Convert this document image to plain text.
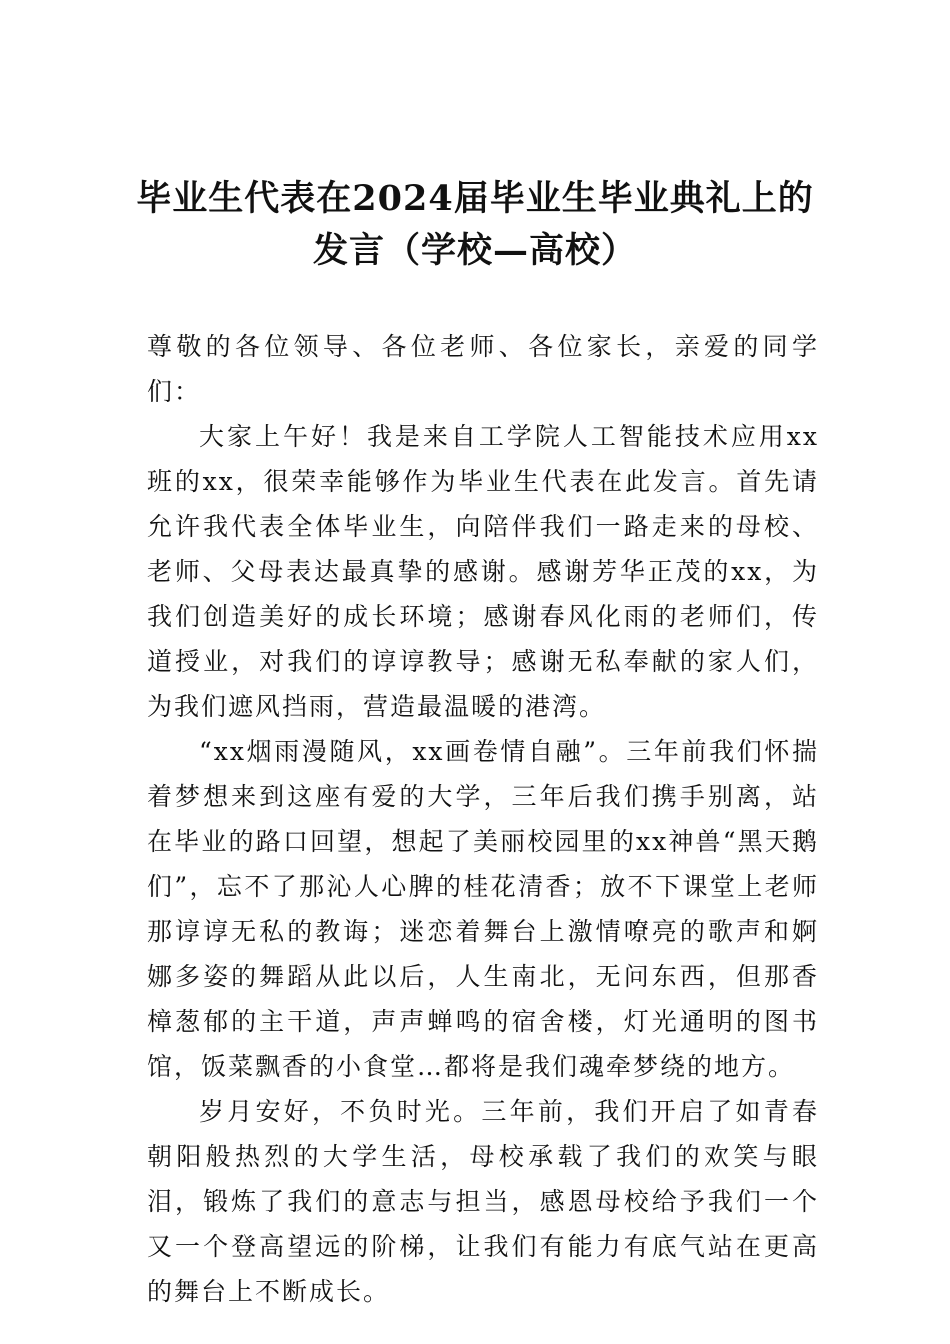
毕业生代表在2024届毕业生毕业典礼上的
发言（学校—高校）

尊敬的各位领导、各位老师、各位家长，亲爱的同学们：

大家上午好！我是来自工学院人工智能技术应用xx班的xx，很荣幸能够作为毕业生代表在此发言。首先请允许我代表全体毕业生，向陪伴我们一路走来的母校、老师、父母表达最真挚的感谢。感谢芳华正茂的xx，为我们创造美好的成长环境；感谢春风化雨的老师们，传道授业，对我们的谆谆教导；感谢无私奉献的家人们，为我们遮风挡雨，营造最温暖的港湾。

“xx烟雨漫随风，xx画卷情自融”。三年前我们怀揣着梦想来到这座有爱的大学，三年后我们携手别离，站在毕业的路口回望，想起了美丽校园里的xx神兽“黑天鹅们”，忘不了那沁人心脾的桂花清香；放不下课堂上老师那谆谆无私的教诲；迷恋着舞台上激情嘹亮的歌声和婀娜多姿的舞蹈从此以后，人生南北，无问东西，但那香樟葱郁的主干道，声声蝉鸣的宿舍楼，灯光通明的图书馆，饭菜飘香的小食堂…都将是我们魂牵梦绕的地方。

岁月安好，不负时光。三年前，我们开启了如青春朝阳般热烈的大学生活，母校承载了我们的欢笑与眼泪，锻炼了我们的意志与担当，感恩母校给予我们一个又一个登高望远的阶梯，让我们有能力有底气站在更高的舞台上不断成长。
